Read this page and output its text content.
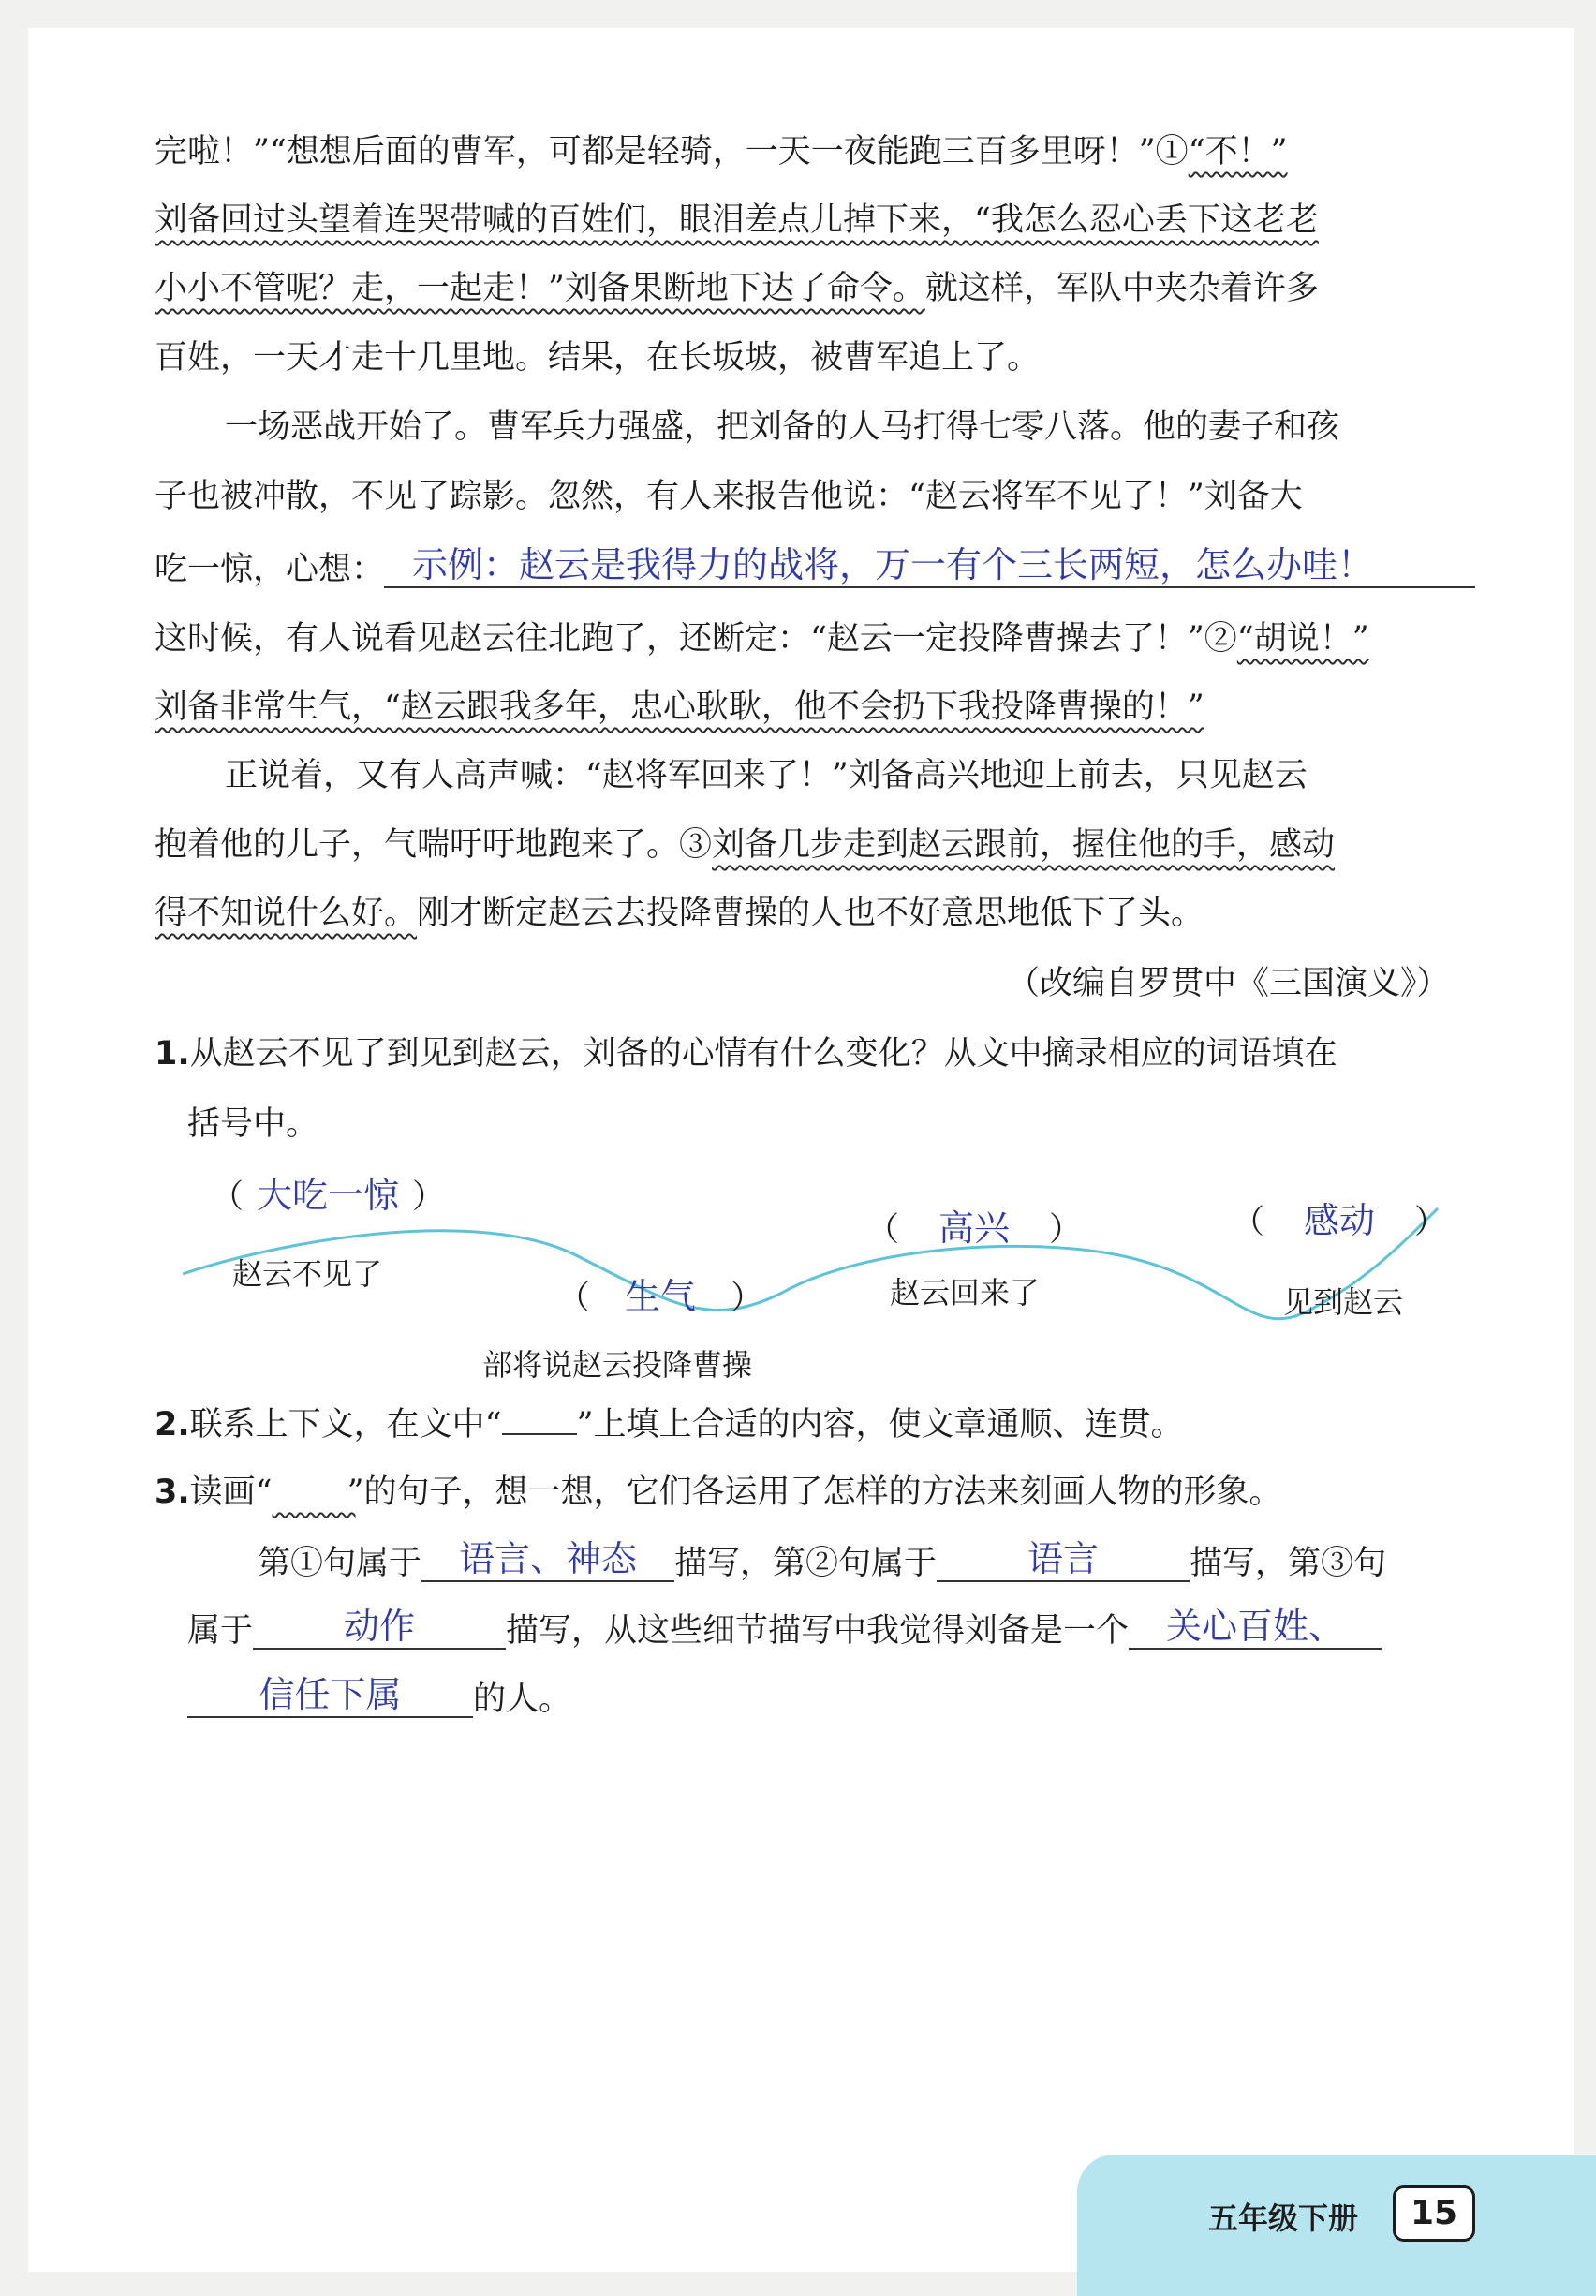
完啦！”“想想后面的曹军，可都是轻骑，一天一夜能跑三百多里呀！”①“不！”
刘备回过头望着连哭带喊的百姓们，眼泪差点儿掉下来，“我怎么忍心丢下这老老
小小不管呢？走，一起走！”刘备果断地下达了命令。就这样，军队中夹杂着许多
百姓，一天才走十几里地。结果，在长坂坡，被曹军追上了。
一场恶战开始了。曹军兵力强盛，把刘备的人马打得七零八落。他的妻子和孩
子也被冲散，不见了踪影。忽然，有人来报告他说：“赵云将军不见了！”刘备大
吃一惊，心想： 示例：赵云是我得力的战将，万一有个三长两短，怎么办哇！
这时候，有人说看见赵云往北跑了，还断定：“赵云一定投降曹操去了！”②“胡说！”
刘备非常生气，“赵云跟我多年，忠心耿耿，他不会扔下我投降曹操的！”
正说着，又有人高声喊：“赵将军回来了！”刘备高兴地迎上前去，只见赵云
抱着他的儿子，气喘吁吁地跑来了。③刘备几步走到赵云跟前，握住他的手，感动
得不知说什么好。刚才断定赵云去投降曹操的人也不好意思地低下了头。
（改编自罗贯中《三国演义》）
1.从赵云不见了到见到赵云，刘备的心情有什么变化？从文中摘录相应的词语填在
括号中。
（ 大吃一惊 ）
赵云不见了
（ 生气 ）
部将说赵云投降曹操
（ 高兴 ）
赵云回来了
（ 感动 ）
见到赵云
2.联系上下文，在文中“ ”上填上合适的内容，使文章通顺、连贯。
3.读画“​        ”的句子，想一想，它们各运用了怎样的方法来刻画人物的形象。
第①句属于 语言、神态 描写，第②句属于	语言	描写，第③句
属于	动作	描写，从这些细节描写中我觉得刘备是一个 关心百姓、
信任下属 的人。
五年级下册	15
